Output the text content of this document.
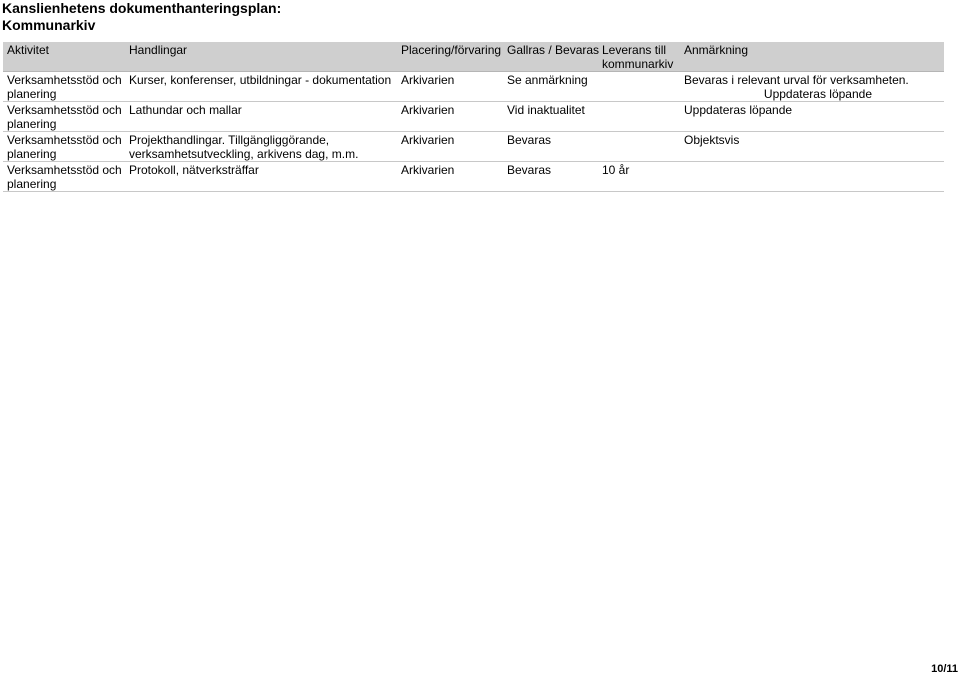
Kanslienhetens dokumenthanteringsplan:
Kommunarkiv
Aktivitet	Handlingar	Placering/förvaring	Gallras / Bevaras	Leverans till kommunarkiv	Anmärkning
Verksamhetsstöd och planering	Kurser, konferenser, utbildningar - dokumentation	Arkivarien	Se anmärkning		Bevaras i relevant urval för verksamheten.
Uppdateras löpande

Verksamhetsstöd och planering	Lathundar och mallar	Arkivarien	Vid inaktualitet		Uppdateras löpande

Verksamhetsstöd och planering	Projekthandlingar. Tillgängliggörande, verksamhetsutveckling, arkivens dag, m.m.	Arkivarien	Bevaras		Objektsvis

Verksamhetsstöd och planering	Protokoll, nätverksträffar	Arkivarien	Bevaras	10 år	
10/11
